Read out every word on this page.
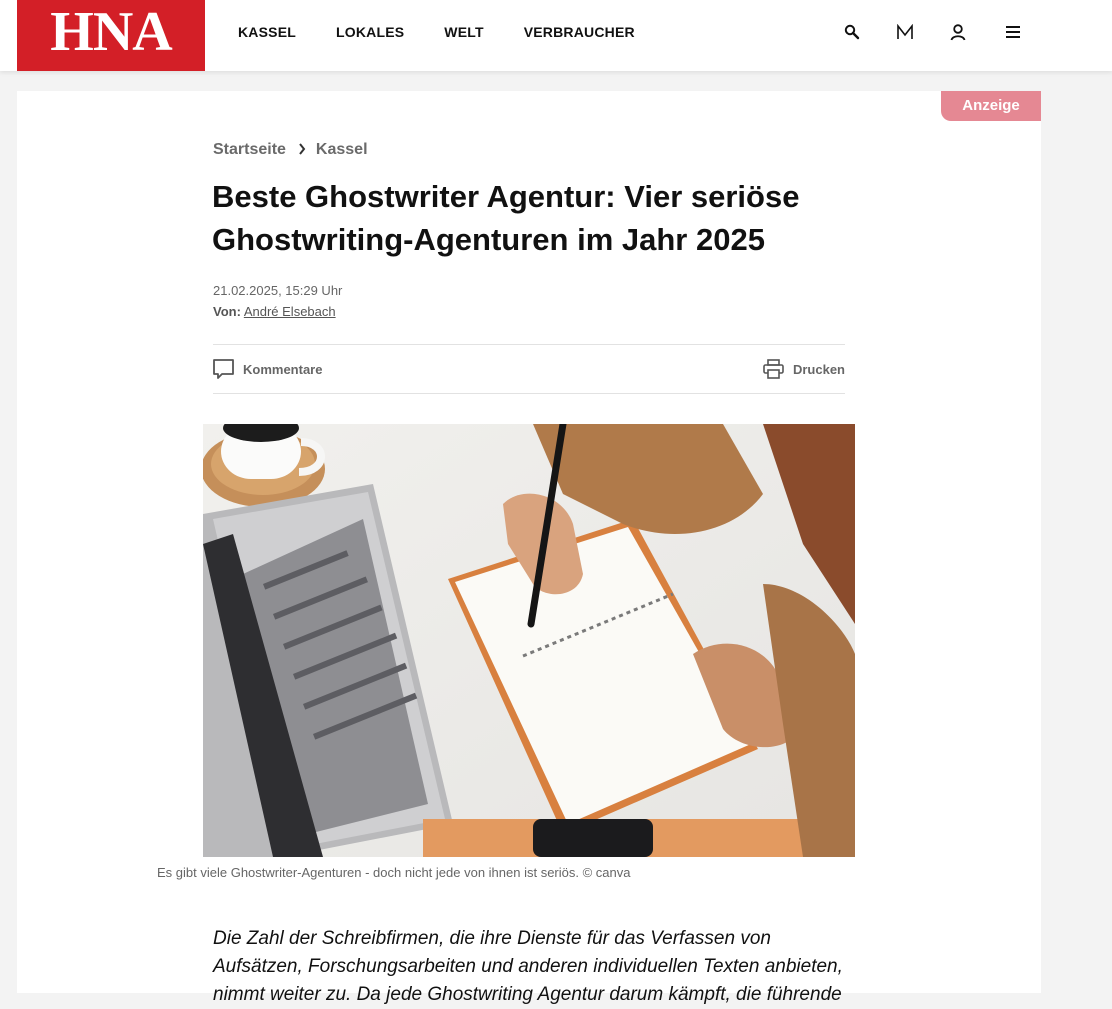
HNA	KASSEL	LOKALES	WELT	VERBRAUCHER
Anzeige
Startseite Kassel
Beste Ghostwriter Agentur: Vier seriöse Ghostwriting-Agenturen im Jahr 2025
21.02.2025, 15:29 Uhr
Von: André Elsebach
Kommentare	Drucken
Es gibt viele Ghostwriter-Agenturen - doch nicht jede von ihnen ist seriös. © canva
Die Zahl der Schreibfirmen, die ihre Dienste für das Verfassen von Aufsätzen, Forschungsarbeiten und anderen individuellen Texten anbieten, nimmt weiter zu. Da jede Ghostwriting Agentur darum kämpft, die führende
